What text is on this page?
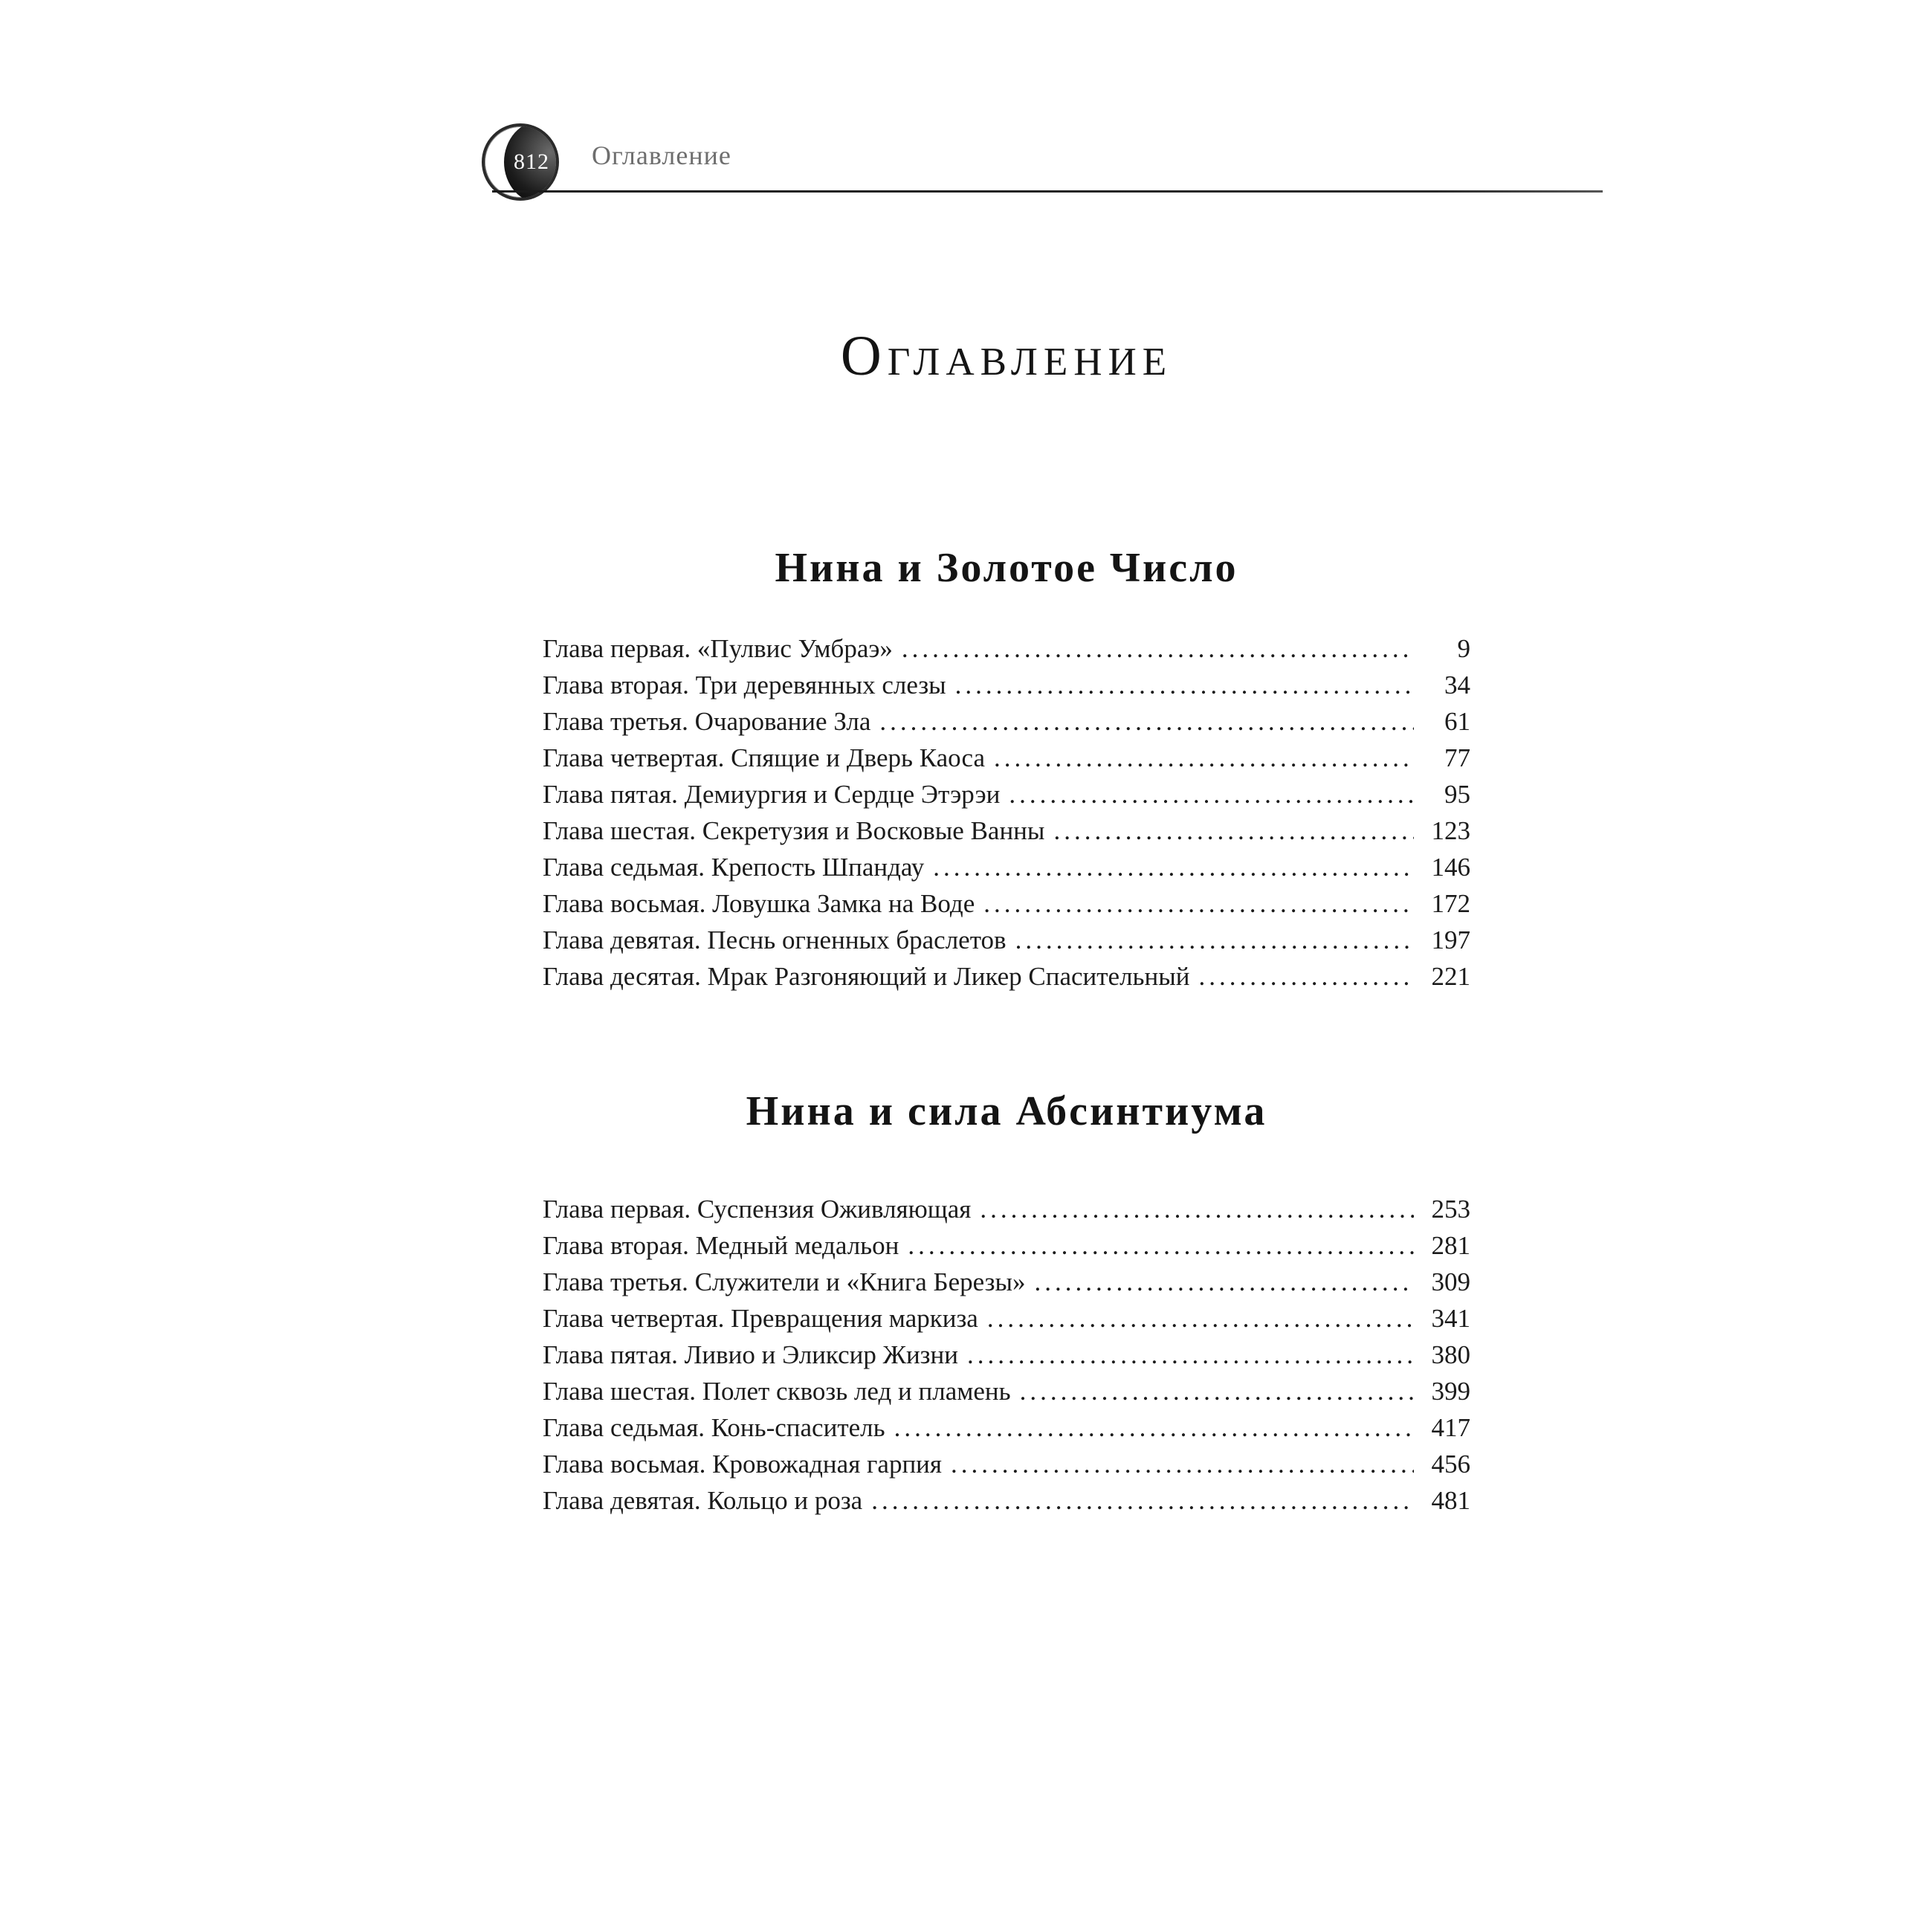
812 Оглавление
Оглавление
Нина и Золотое Число
Глава первая. «Пулвис Умбраэ» .....	9
Глава вторая. Три деревянных слезы .....	34
Глава третья. Очарование Зла .....	61
Глава четвертая. Спящие и Дверь Каоса .....	77
Глава пятая. Демиургия и Сердце Этэрэи .....	95
Глава шестая. Секретузия и Восковые Ванны .....	123
Глава седьмая. Крепость Шпандау .....	146
Глава восьмая. Ловушка Замка на Воде .....	172
Глава девятая. Песнь огненных браслетов .....	197
Глава десятая. Мрак Разгоняющий и Ликер Спасительный .....	221
Нина и сила Абсинтиума
Глава первая. Суспензия Оживляющая .....	253
Глава вторая. Медный медальон .....	281
Глава третья. Служители и «Книга Березы» .....	309
Глава четвертая. Превращения маркиза .....	341
Глава пятая. Ливио и Эликсир Жизни .....	380
Глава шестая. Полет сквозь лед и пламень .....	399
Глава седьмая. Конь-спаситель .....	417
Глава восьмая. Кровожадная гарпия .....	456
Глава девятая. Кольцо и роза .....	481
